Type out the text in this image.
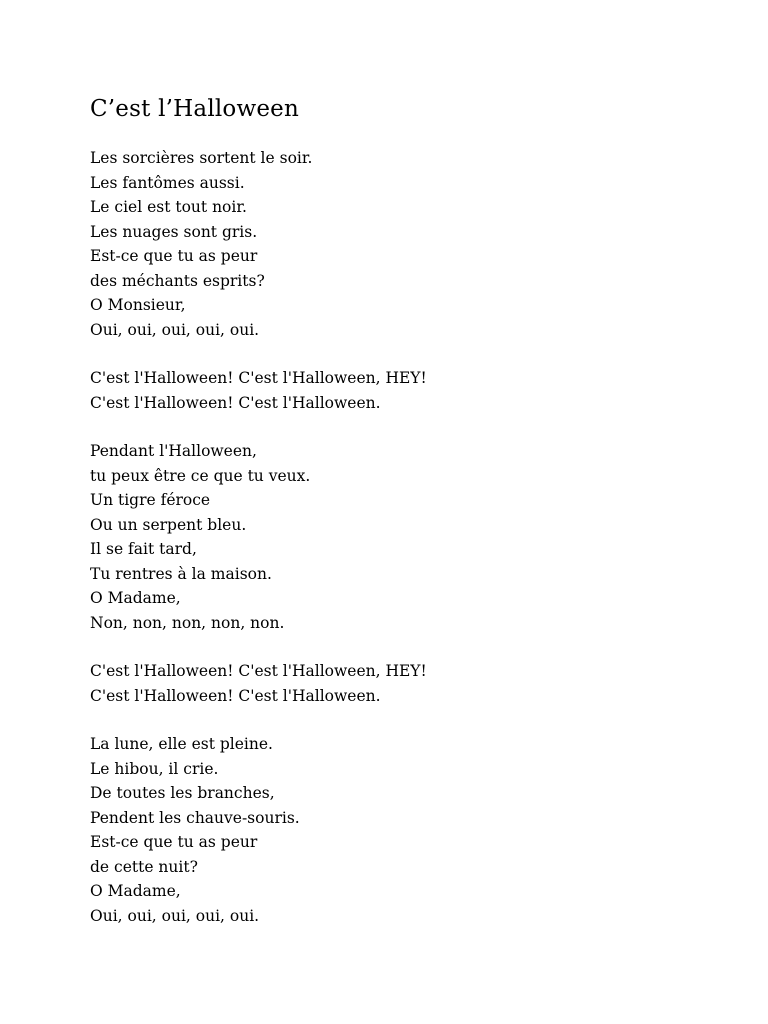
C’est l’Halloween
Les sorcières sortent le soir.
Les fantômes aussi.
Le ciel est tout noir.
Les nuages sont gris.
Est-ce que tu as peur
des méchants esprits?
O Monsieur,
Oui, oui, oui, oui, oui.
C'est l'Halloween! C'est l'Halloween, HEY!
C'est l'Halloween! C'est l'Halloween.
Pendant l'Halloween,
tu peux être ce que tu veux.
Un tigre féroce
Ou un serpent bleu.
Il se fait tard,
Tu rentres à la maison.
O Madame,
Non, non, non, non, non.
C'est l'Halloween! C'est l'Halloween, HEY!
C'est l'Halloween! C'est l'Halloween.
La lune, elle est pleine.
Le hibou, il crie.
De toutes les branches,
Pendent les chauve-souris.
Est-ce que tu as peur
de cette nuit?
O Madame,
Oui, oui, oui, oui, oui.
